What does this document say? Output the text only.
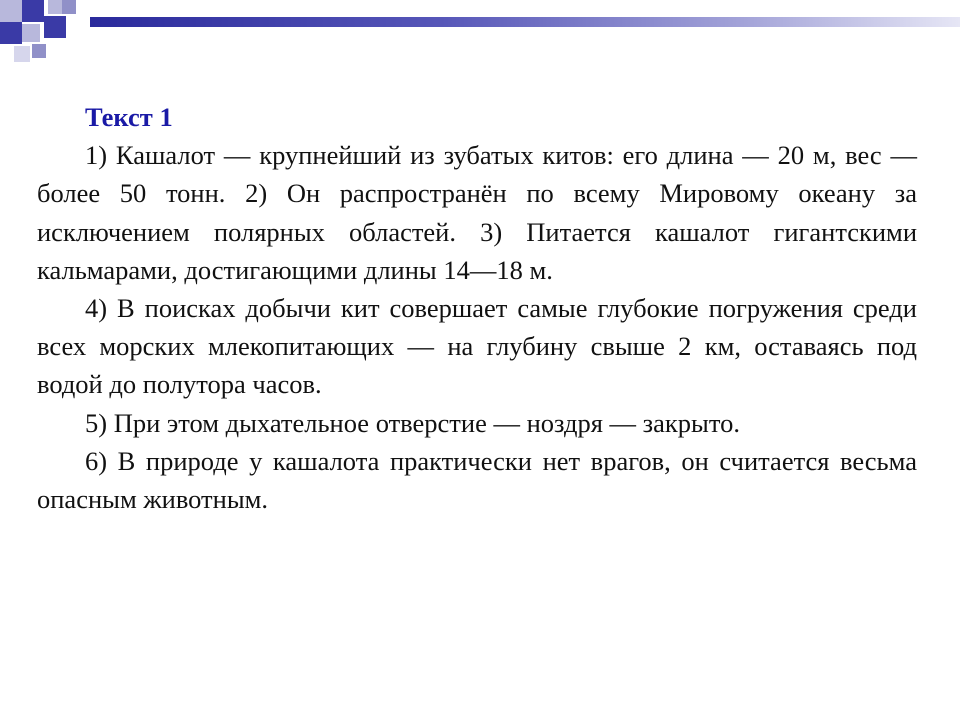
Текст 1

1) Кашалот — крупнейший из зубатых китов: его длина — 20 м, вес — более 50 тонн. 2) Он распространён по всему Мировому океану за исключением полярных областей. 3) Питается кашалот гигантскими кальмарами, достигающими длины 14—18 м.

4) В поисках добычи кит совершает самые глубокие погружения среди всех морских млекопитающих — на глубину свыше 2 км, оставаясь под водой до полутора часов.

5) При этом дыхательное отверстие — ноздря — закрыто.

6) В природе у кашалота практически нет врагов, он считается весьма опасным животным.
